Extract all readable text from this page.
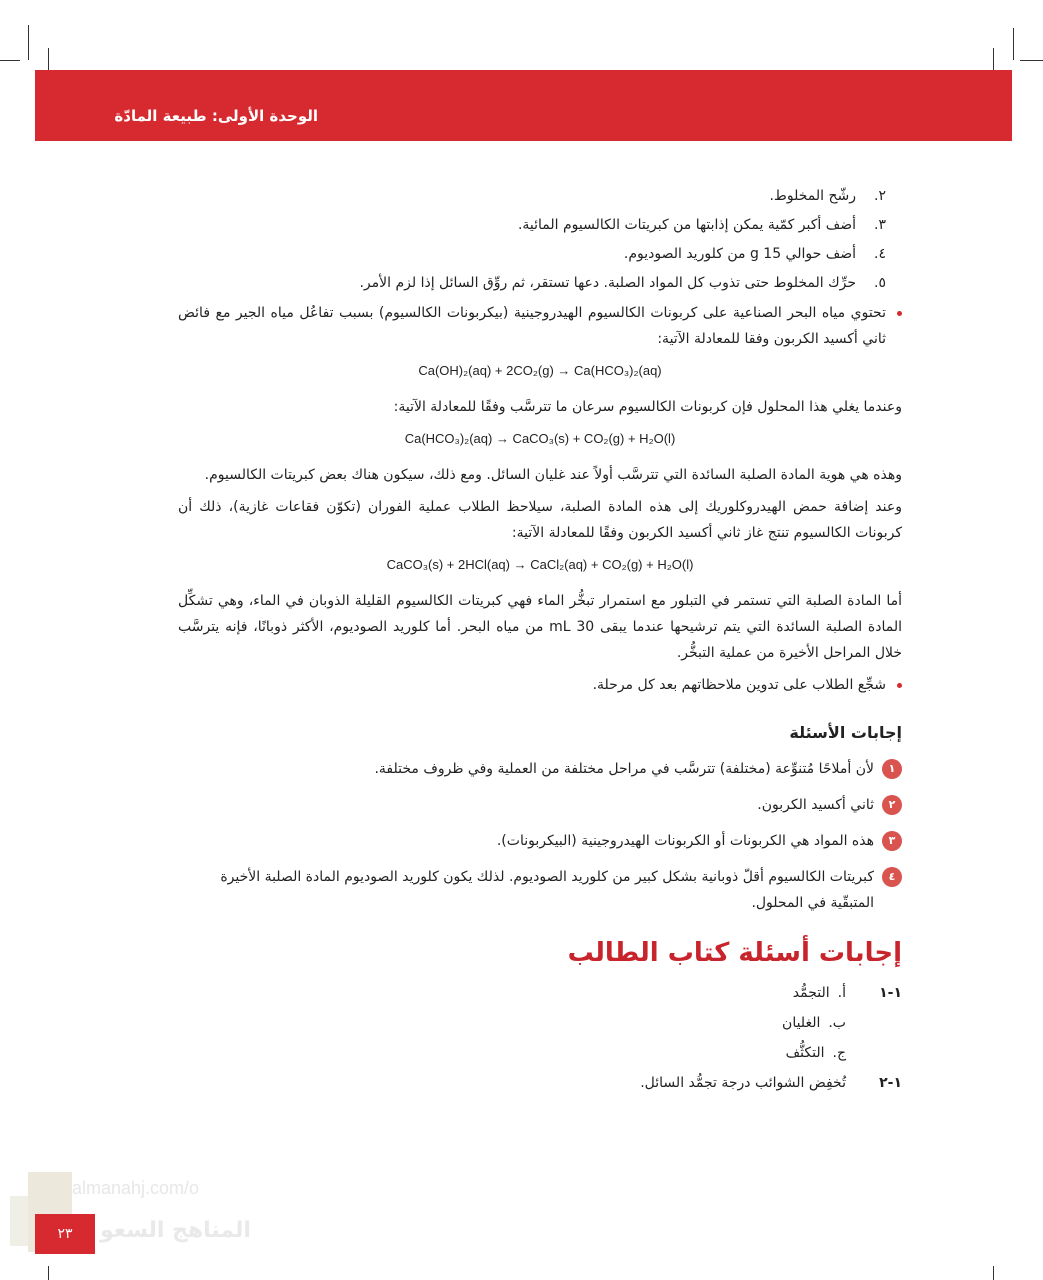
الوحدة الأولى: طبيعة المادّة
٢.
رشّح المخلوط.
٣.
أضف أكبر كمّية يمكن إذابتها من كبريتات الكالسيوم المائية.
٤.
أضف حوالي 15 g من كلوريد الصوديوم.
٥.
حرِّك المخلوط حتى تذوب كل المواد الصلبة. دعها تستقر، ثم روِّق السائل إذا لزم الأمر.
تحتوي مياه البحر الصناعية على كربونات الكالسيوم الهيدروجينية (بيكربونات الكالسيوم) بسبب تفاعُل مياه الجير مع فائض ثاني أكسيد الكربون وفقا للمعادلة الآتية:
Ca(OH)₂(aq) + 2CO₂(g) → Ca(HCO₃)₂(aq)
وعندما يغلي هذا المحلول فإن كربونات الكالسيوم سرعان ما تترسَّب وفقًا للمعادلة الآتية:
Ca(HCO₃)₂(aq) → CaCO₃(s) + CO₂(g) + H₂O(l)
وهذه هي هوية المادة الصلبة السائدة التي تترسَّب أولاً عند غليان السائل. ومع ذلك، سيكون هناك بعض كبريتات الكالسيوم.
وعند إضافة حمض الهيدروكلوريك إلى هذه المادة الصلبة، سيلاحظ الطلاب عملية الفوران (تكوّن فقاعات غازية)، ذلك أن كربونات الكالسيوم تنتج غاز ثاني أكسيد الكربون وفقًا للمعادلة الآتية:
CaCO₃(s) + 2HCl(aq) → CaCl₂(aq) + CO₂(g) + H₂O(l)
أما المادة الصلبة التي تستمر في التبلور مع استمرار تبخُّر الماء فهي كبريتات الكالسيوم القليلة الذوبان في الماء، وهي تشكِّل المادة الصلبة السائدة التي يتم ترشيحها عندما يبقى 30 mL من مياه البحر. أما كلوريد الصوديوم، الأكثر ذوبانًا، فإنه يترسَّب خلال المراحل الأخيرة من عملية التبخُّر.
شجِّع الطلاب على تدوين ملاحظاتهم بعد كل مرحلة.
إجابات الأسئلة
١
لأن أملاحًا مُتنوِّعة (مختلفة) تترسَّب في مراحل مختلفة من العملية وفي ظروف مختلفة.
٢
ثاني أكسيد الكربون.
٣
هذه المواد هي الكربونات أو الكربونات الهيدروجينية (البيكربونات).
٤
كبريتات الكالسيوم أقلّ ذوبانية بشكل كبير من كلوريد الصوديوم. لذلك يكون كلوريد الصوديوم المادة الصلبة الأخيرة المتبقّية في المحلول.
إجابات أسئلة كتاب الطالب
١-١
أ.
التجمُّد
ب.
الغليان
ج.
التكثُّف
١-٢
تُخفِض الشوائب درجة تجمُّد السائل.
almanahj.com/o
المناهج السعو
٢٣
